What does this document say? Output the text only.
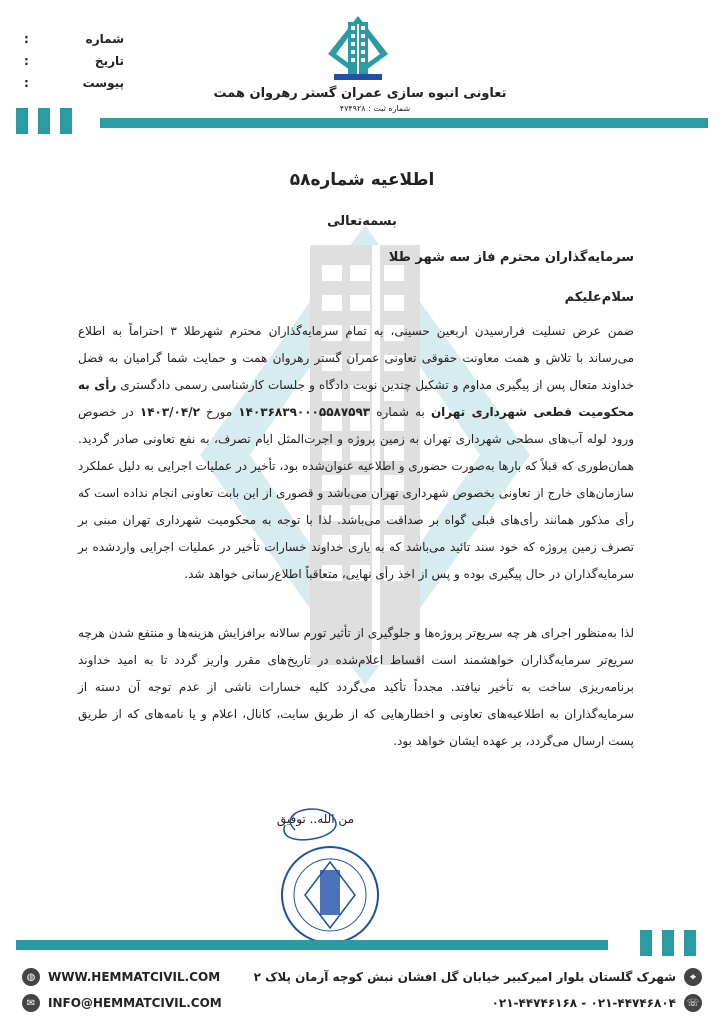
شماره
:
تاریخ
:
پیوست
:
تعاونی انبوه سازی عمران گستر رهروان همت
شماره ثبت : ۴۷۴۹۲۸
اطلاعیه شماره۵۸
بسمه‌تعالی
سرمایه‌گذاران محترم فاز سه شهر طلا
سلام‌علیکم
ضمن عرض تسلیت فرارسیدن اربعین حسینی، به تمام سرمایه‌گذاران محترم شهرطلا ۳ احتراماً به اطلاع می‌رساند با تلاش و همت معاونت حقوقی تعاونی عمران گستر رهروان همت و حمایت شما گرامیان به فضل خداوند متعال پس از پیگیری مداوم و تشکیل چندین نوبت دادگاه و جلسات کارشناسی رسمی دادگستری رأی به محکومیت قطعی شهرداری تهران به شماره ۱۴۰۳۶۸۳۹۰۰۰۵۵۸۷۵۹۳ مورخ ۱۴۰۳/۰۴/۲ در خصوص ورود لوله آب‌های سطحی شهرداری تهران به زمین پروژه و اجرت‌المثل ایام تصرف، به نفع تعاونی صادر گردید. همان‌طوری که قبلاً که بارها به‌صورت حضوری و اطلاعیه عنوان‌شده بود، تأخیر در عملیات اجرایی به دلیل عملکرد سازمان‌های خارج از تعاونی بخصوص شهرداری تهران می‌باشد و قصوری از این بابت تعاونی انجام نداده است که رأی مذکور همانند رأی‌های قبلی گواه بر صداقت می‌باشد. لذا با توجه به محکومیت شهرداری تهران مبنی بر تصرف زمین پروژه که خود سند تائید می‌باشد که به یاری خداوند خسارات تأخیر در عملیات اجرایی واردشده بر سرمایه‌گذاران در حال پیگیری بوده و پس از اخذ رأی نهایی، متعاقباً اطلاع‌رسانی خواهد شد.
لذا به‌منظور اجرای هر چه سریع‌تر پروژه‌ها و جلوگیری از تأثیر تورم سالانه برافزایش هزینه‌ها و منتفع شدن هرچه سریع‌تر سرمایه‌گذاران خواهشمند است اقساط اعلام‌شده در تاریخ‌های مقرر واریز گردد تا به امید خداوند برنامه‌ریزی ساخت به تأخیر نیافتد. مجدداً تأکید می‌گردد کلیه خسارات ناشی از عدم توجه آن دسته از سرمایه‌گذاران به اطلاعیه‌های تعاونی و اخطارهایی که از طریق سایت، کانال، اعلام و یا نامه‌های که از طریق پست ارسال می‌گردد، بر عهده ایشان خواهد بود.
من الله.. توفیق
◍	WWW.HEMMATCIVIL.COM
✉	INFO@HEMMATCIVIL.COM
⌖
شهرک گلستان بلوار امیرکبیر خیابان گل افشان نبش کوچه آرمان پلاک ۲
☏
۰۲۱-۴۴۷۴۶۸۰۴ - ۰۲۱-۴۴۷۴۶۱۶۸
